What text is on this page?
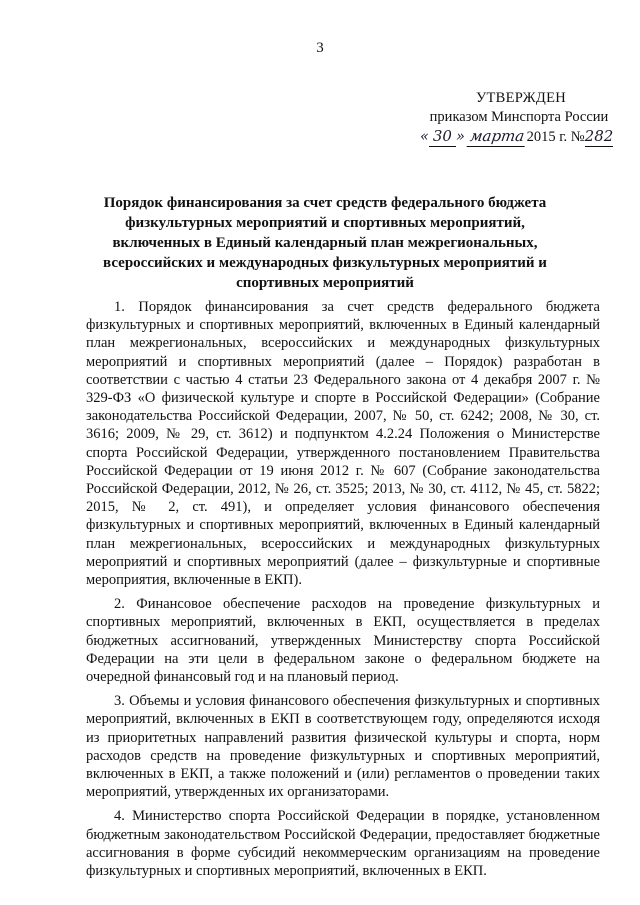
3
УТВЕРЖДЕН
приказом Минспорта России
« 30 » марта2015 г. №282
Порядок финансирования за счет средств федерального бюджета
физкультурных мероприятий и спортивных мероприятий,
включенных в Единый календарный план межрегиональных,
всероссийских и международных физкультурных мероприятий и
спортивных мероприятий

1. Порядок финансирования за счет средств федерального бюджета физкультурных и спортивных мероприятий, включенных в Единый календарный план межрегиональных, всероссийских и международных физкультурных мероприятий и спортивных мероприятий (далее – Порядок) разработан в соответствии с частью 4 статьи 23 Федерального закона от 4 декабря 2007 г. № 329-ФЗ «О физической культуре и спорте в Российской Федерации» (Собрание законодательства Российской Федерации, 2007, № 50, ст. 6242; 2008, № 30, ст. 3616; 2009, № 29, ст. 3612) и подпунктом 4.2.24 Положения о Министерстве спорта Российской Федерации, утвержденного постановлением Правительства Российской Федерации от 19 июня 2012 г. № 607 (Собрание законодательства Российской Федерации, 2012, № 26, ст. 3525; 2013, № 30, ст. 4112, № 45, ст. 5822; 2015, № 2, ст. 491), и определяет условия финансового обеспечения физкультурных и спортивных мероприятий, включенных в Единый календарный план межрегиональных, всероссийских и международных физкультурных мероприятий и спортивных мероприятий (далее – физкультурные и спортивные мероприятия, включенные в ЕКП).

2. Финансовое обеспечение расходов на проведение физкультурных и спортивных мероприятий, включенных в ЕКП, осуществляется в пределах бюджетных ассигнований, утвержденных Министерству спорта Российской Федерации на эти цели в федеральном законе о федеральном бюджете на очередной финансовый год и на плановый период.

3. Объемы и условия финансового обеспечения физкультурных и спортивных мероприятий, включенных в ЕКП в соответствующем году, определяются исходя из приоритетных направлений развития физической культуры и спорта, норм расходов средств на проведение физкультурных и спортивных мероприятий, включенных в ЕКП, а также положений и (или) регламентов о проведении таких мероприятий, утвержденных их организаторами.

4. Министерство спорта Российской Федерации в порядке, установленном бюджетным законодательством Российской Федерации, предоставляет бюджетные ассигнования в форме субсидий некоммерческим организациям на проведение физкультурных и спортивных мероприятий, включенных в ЕКП.
